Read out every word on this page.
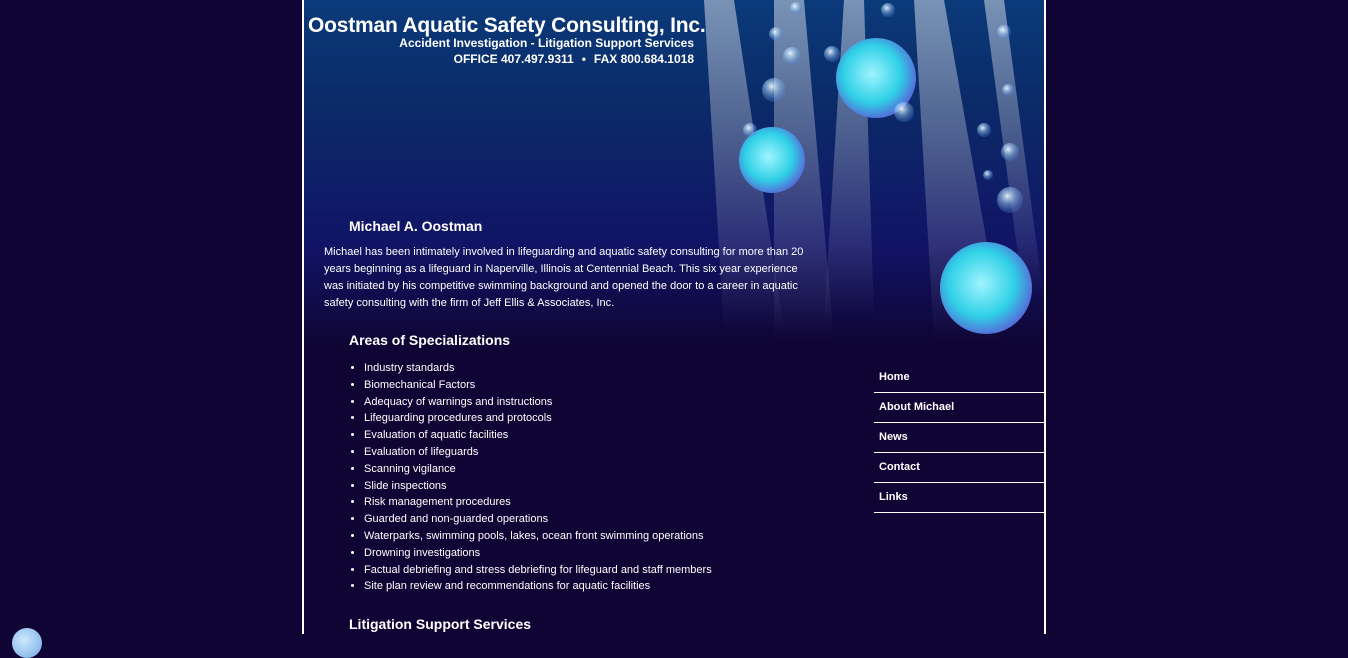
Oostman Aquatic Safety Consulting, Inc.
Accident Investigation - Litigation Support Services
OFFICE 407.497.9311 • FAX 800.684.1018
Michael A. Oostman

Michael has been intimately involved in lifeguarding and aquatic safety consulting for more than 20 years beginning as a lifeguard in Naperville, Illinois at Centennial Beach. This six year experience was initiated by his competitive swimming background and opened the door to a career in aquatic safety consulting with the firm of Jeff Ellis & Associates, Inc.

Areas of Specializations
• Industry standards
• Biomechanical Factors
• Adequacy of warnings and instructions
• Lifeguarding procedures and protocols
• Evaluation of aquatic facilities
• Evaluation of lifeguards
• Scanning vigilance
• Slide inspections
• Risk management procedures
• Guarded and non-guarded operations
• Waterparks, swimming pools, lakes, ocean front swimming operations
• Drowning investigations
• Factual debriefing and stress debriefing for lifeguard and staff members
• Site plan review and recommendations for aquatic facilities
Litigation Support Services
Home
About Michael
News
Contact
Links
